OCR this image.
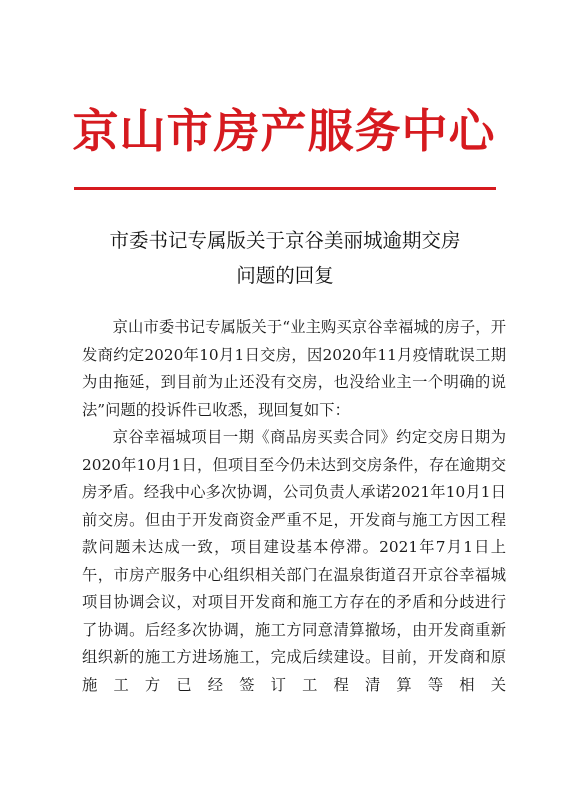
京山市房产服务中心
市委书记专属版关于京谷美丽城逾期交房
问题的回复

京山市委书记专属版关于“业主购买京谷幸福城的房子，开发商约定2020年10月1日交房，因2020年11月疫情耽误工期为由拖延，到目前为止还没有交房，也没给业主一个明确的说法”问题的投诉件已收悉，现回复如下：

京谷幸福城项目一期《商品房买卖合同》约定交房日期为2020年10月1日，但项目至今仍未达到交房条件，存在逾期交房矛盾。经我中心多次协调，公司负责人承诺2021年10月1日前交房。但由于开发商资金严重不足，开发商与施工方因工程款问题未达成一致，项目建设基本停滞。2021年7月1日上午，市房产服务中心组织相关部门在温泉街道召开京谷幸福城项目协调会议，对项目开发商和施工方存在的矛盾和分歧进行了协调。后经多次协调，施工方同意清算撤场，由开发商重新组织新的施工方进场施工，完成后续建设。目前，开发商和原施工方已经签订工程清算等相关
